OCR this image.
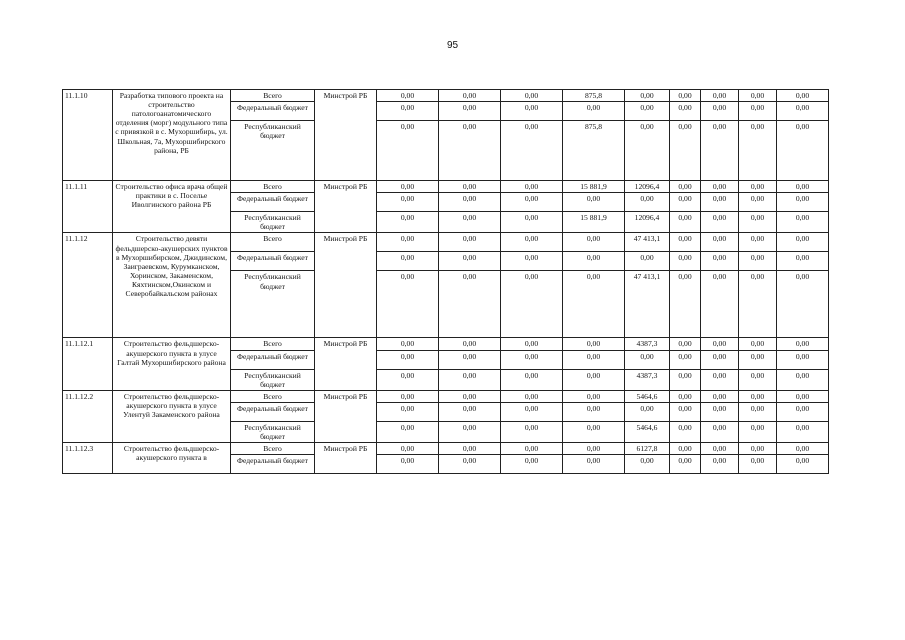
95
11.1.10	Разработка типового проекта на строительство патологоанатомического отделения (морг) модульного типа с привязкой в с. Мухоршибирь, ул. Школьная, 7а, Мухоршибирского района, РБ	Всего	Минстрой РБ	0,00	0,00	0,00	875,8	0,00	0,00	0,00	0,00	0,00
		Федеральный бюджет		0,00	0,00	0,00	0,00	0,00	0,00	0,00	0,00	0,00
		Республиканский бюджет		0,00	0,00	0,00	875,8	0,00	0,00	0,00	0,00	0,00
11.1.11	Строительство офиса врача общей практики в с. Поселье Иволгинского района РБ	Всего	Минстрой РБ	0,00	0,00	0,00	15 881,9	12096,4	0,00	0,00	0,00	0,00
		Федеральный бюджет		0,00	0,00	0,00	0,00	0,00	0,00	0,00	0,00	0,00
		Республиканский бюджет		0,00	0,00	0,00	15 881,9	12096,4	0,00	0,00	0,00	0,00
11.1.12	Строительство девяти фельдшерско-акушерских пунктов в Мухоршибирском, Джидинском, Заиграевском, Курумканском, Хоринском, Закаменском, Кяхтинском,Окинском и Северобайкальском районах	Всего	Минстрой РБ	0,00	0,00	0,00	0,00	47 413,1	0,00	0,00	0,00	0,00
		Федеральный бюджет		0,00	0,00	0,00	0,00	0,00	0,00	0,00	0,00	0,00
		Республиканский бюджет		0,00	0,00	0,00	0,00	47 413,1	0,00	0,00	0,00	0,00
11.1.12.1	Строительство фельдшерско-акушерского пункта в улусе Галтай Мухоршибирского района	Всего	Минстрой РБ	0,00	0,00	0,00	0,00	4387,3	0,00	0,00	0,00	0,00
		Федеральный бюджет		0,00	0,00	0,00	0,00	0,00	0,00	0,00	0,00	0,00
		Республиканский бюджет		0,00	0,00	0,00	0,00	4387,3	0,00	0,00	0,00	0,00
11.1.12.2	Строительство фельдшерско-акушерского пункта в улусе Улентуй Закаменского района	Всего	Минстрой РБ	0,00	0,00	0,00	0,00	5464,6	0,00	0,00	0,00	0,00
		Федеральный бюджет		0,00	0,00	0,00	0,00	0,00	0,00	0,00	0,00	0,00
		Республиканский бюджет		0,00	0,00	0,00	0,00	5464,6	0,00	0,00	0,00	0,00
11.1.12.3	Строительство фельдшерско-акушерского пункта в	Всего	Минстрой РБ	0,00	0,00	0,00	0,00	6127,8	0,00	0,00	0,00	0,00
		Федеральный бюджет		0,00	0,00	0,00	0,00	0,00	0,00	0,00	0,00	0,00
